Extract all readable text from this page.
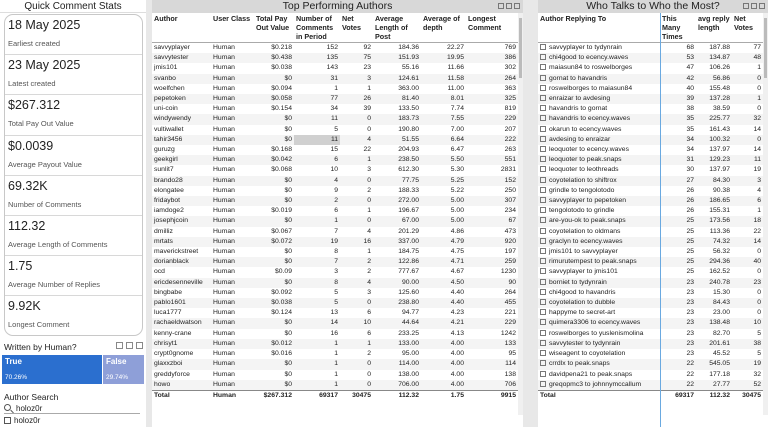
Quick Comment Stats
18 May 2025
Earliest created
23 May 2025
Latest created
$267.312
Total Pay Out Value
$0.0039
Average Payout Value
69.32K
Number of Comments
112.32
Average Length of Comments
1.75
Average Number of Replies
9.92K
Longest Comment
Written by Human?
True
70.26%
False
29.74%
Author Search
holoz0r
holoz0r
Top Performing Authors
Author	User Class	Total Pay Out Value	Number of Comments in Period	Net Votes	Average Length of Post	Average of depth	Longest Comment
savvyplayer	Human	$0.218	152	92	184.36	22.27	769
savvytester	Human	$0.438	135	75	151.93	19.95	386
jmis101	Human	$0.038	143	23	55.16	11.66	302
svanbo	Human	$0	31	3	124.61	11.58	264
woelfchen	Human	$0.094	1	1	363.00	11.00	363
pepetoken	Human	$0.058	77	26	81.40	8.01	325
uni-coin	Human	$0.154	34	39	133.50	7.74	819
windywendy	Human	$0	11	0	183.73	7.55	229
vultiwallet	Human	$0	5	0	190.80	7.00	207
tahir3456	Human	$0	11	4	51.55	6.64	222
guruzg	Human	$0.168	15	22	204.93	6.47	263
geekgirl	Human	$0.042	6	1	238.50	5.50	551
sunlit7	Human	$0.068	10	3	612.30	5.30	2831
brando28	Human	$0	4	0	77.75	5.25	152
elongatee	Human	$0	9	2	188.33	5.22	250
fridaybot	Human	$0	2	0	272.00	5.00	307
iamdoge2	Human	$0.019	6	1	196.67	5.00	234
josephjcoin	Human	$0	1	0	67.00	5.00	67
dmilliz	Human	$0.067	7	4	201.29	4.86	473
mrtats	Human	$0.072	19	16	337.00	4.79	920
maverickstreet	Human	$0	8	1	184.75	4.75	197
dorianblack	Human	$0	7	2	122.86	4.71	259
ocd	Human	$0.09	3	2	777.67	4.67	1230
ericdesenneville	Human	$0	8	4	90.00	4.50	90
bingbabe	Human	$0.092	5	3	125.60	4.40	264
pablo1601	Human	$0.038	5	0	238.80	4.40	455
luca1777	Human	$0.124	13	6	94.77	4.23	221
rachaeldwatson	Human	$0	14	10	44.64	4.21	229
kenny-crane	Human	$0	16	6	233.25	4.13	1242
chrisyt1	Human	$0.012	1	1	133.00	4.00	133
crypt0gnome	Human	$0.016	1	2	95.00	4.00	95
glaxxzboi	Human	$0	1	0	114.00	4.00	114
greddyforce	Human	$0	1	0	138.00	4.00	138
howo	Human	$0	1	0	706.00	4.00	706
Total	Human	$267.312	69317	30475	112.32	1.75	9915
Who Talks to Who the Most?
Author Replying To	This Many Times	avg reply length	Net Votes
savvyplayer to tydynrain	68	187.88	77
chi4good to ecency.waves	53	134.87	48
maiasun84 to roswelborges	47	106.26	1
gornat to havandris	42	56.86	0
roswelborges to maiasun84	40	155.48	0
enraizar to avdesing	39	137.28	1
havandris to gornat	38	38.59	0
havandris to ecency.waves	35	225.77	32
okarun to ecency.waves	35	161.43	14
avdesing to enraizar	34	100.32	0
leoquoter to ecency.waves	34	137.97	14
leoquoter to peak.snaps	31	129.23	11
leoquoter to leothreads	30	137.97	19
coyotelation to shiftrox	27	84.30	3
grindle to tengolotodo	26	90.38	4
savvyplayer to pepetoken	26	186.65	6
tengolotodo to grindle	26	155.31	1
are-you-ok to peak.snaps	25	173.56	18
coyotelation to oldmans	25	113.36	22
graclyn to ecency.waves	25	74.32	14
jmis101 to savvyplayer	25	56.32	0
rimurutempest to peak.snaps	25	294.36	40
savvyplayer to jmis101	25	162.52	0
borniet to tydynrain	23	240.78	23
chi4good to havandris	23	15.30	0
coyotelation to dubble	23	84.43	0
happyme to secret-art	23	23.00	0
quimera3306 to ecency.waves	23	138.48	10
roswelborges to yuslenismolina	23	82.70	5
savvytester to tydynrain	23	201.61	38
wiseagent to coyotelation	23	45.52	5
crrdlx to peak.snaps	22	545.05	19
davidpena21 to peak.snaps	22	177.18	32
greqopmc3 to johnnymccallum	22	27.77	52
Total	69317	112.32	30475
